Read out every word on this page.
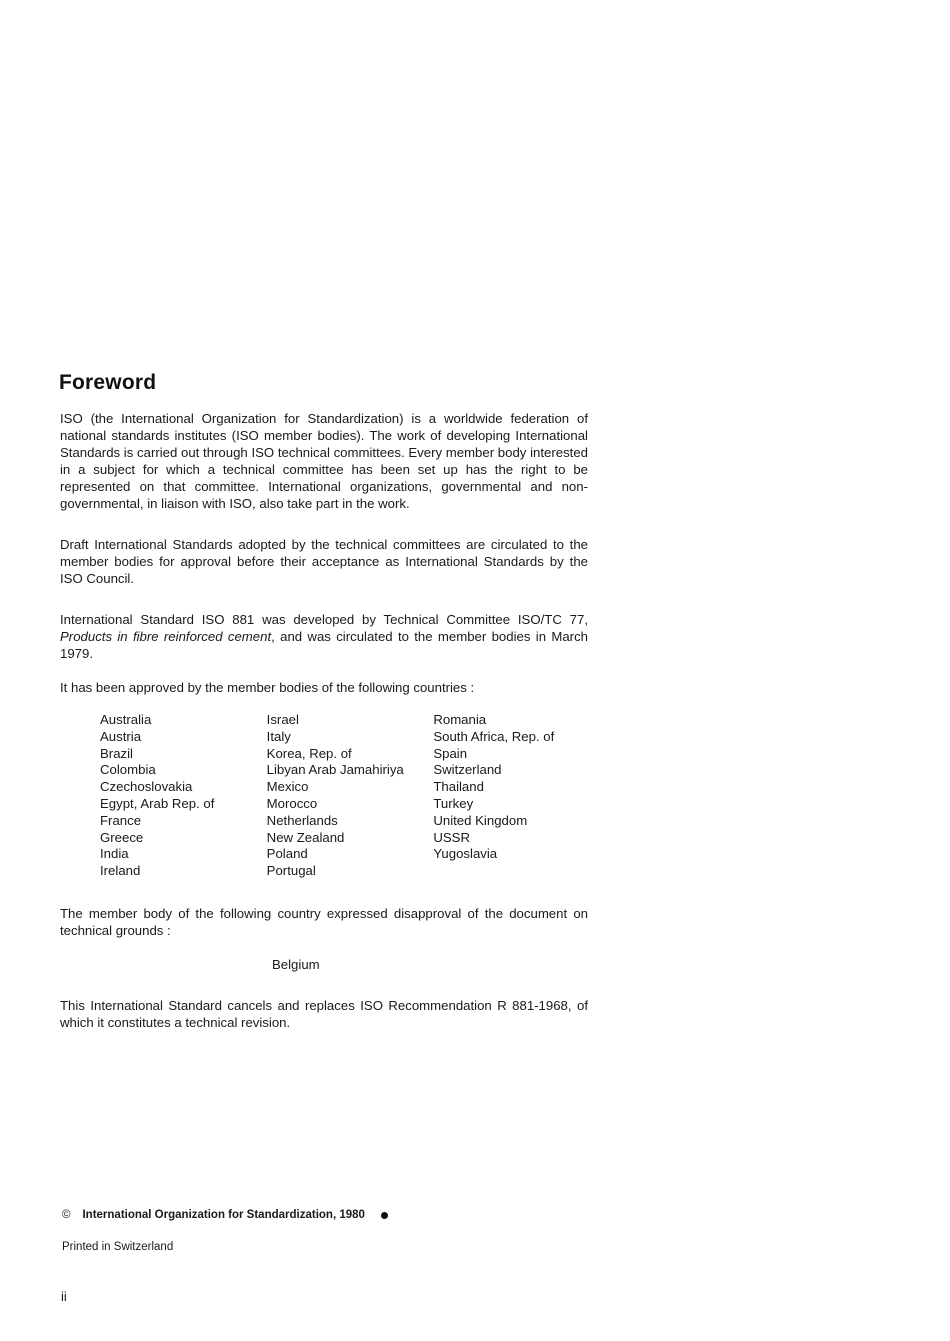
Foreword

ISO (the International Organization for Standardization) is a worldwide federation of national standards institutes (ISO member bodies). The work of developing International Standards is carried out through ISO technical committees. Every member body interested in a subject for which a technical committee has been set up has the right to be represented on that committee. International organizations, governmental and non-governmental, in liaison with ISO, also take part in the work.

Draft International Standards adopted by the technical committees are circulated to the member bodies for approval before their acceptance as International Standards by the ISO Council.

International Standard ISO 881 was developed by Technical Committee ISO/TC 77, Products in fibre reinforced cement, and was circulated to the member bodies in March 1979.

It has been approved by the member bodies of the following countries :

Australia
Austria
Brazil
Colombia
Czechoslovakia
Egypt, Arab Rep. of
France
Greece
India
Ireland
Israel
Italy
Korea, Rep. of
Libyan Arab Jamahiriya
Mexico
Morocco
Netherlands
New Zealand
Poland
Portugal
Romania
South Africa, Rep. of
Spain
Switzerland
Thailand
Turkey
United Kingdom
USSR
Yugoslavia

The member body of the following country expressed disapproval of the document on technical grounds :

Belgium

This International Standard cancels and replaces ISO Recommendation R 881-1968, of which it constitutes a technical revision.

© International Organization for Standardization, 1980

Printed in Switzerland

ii
